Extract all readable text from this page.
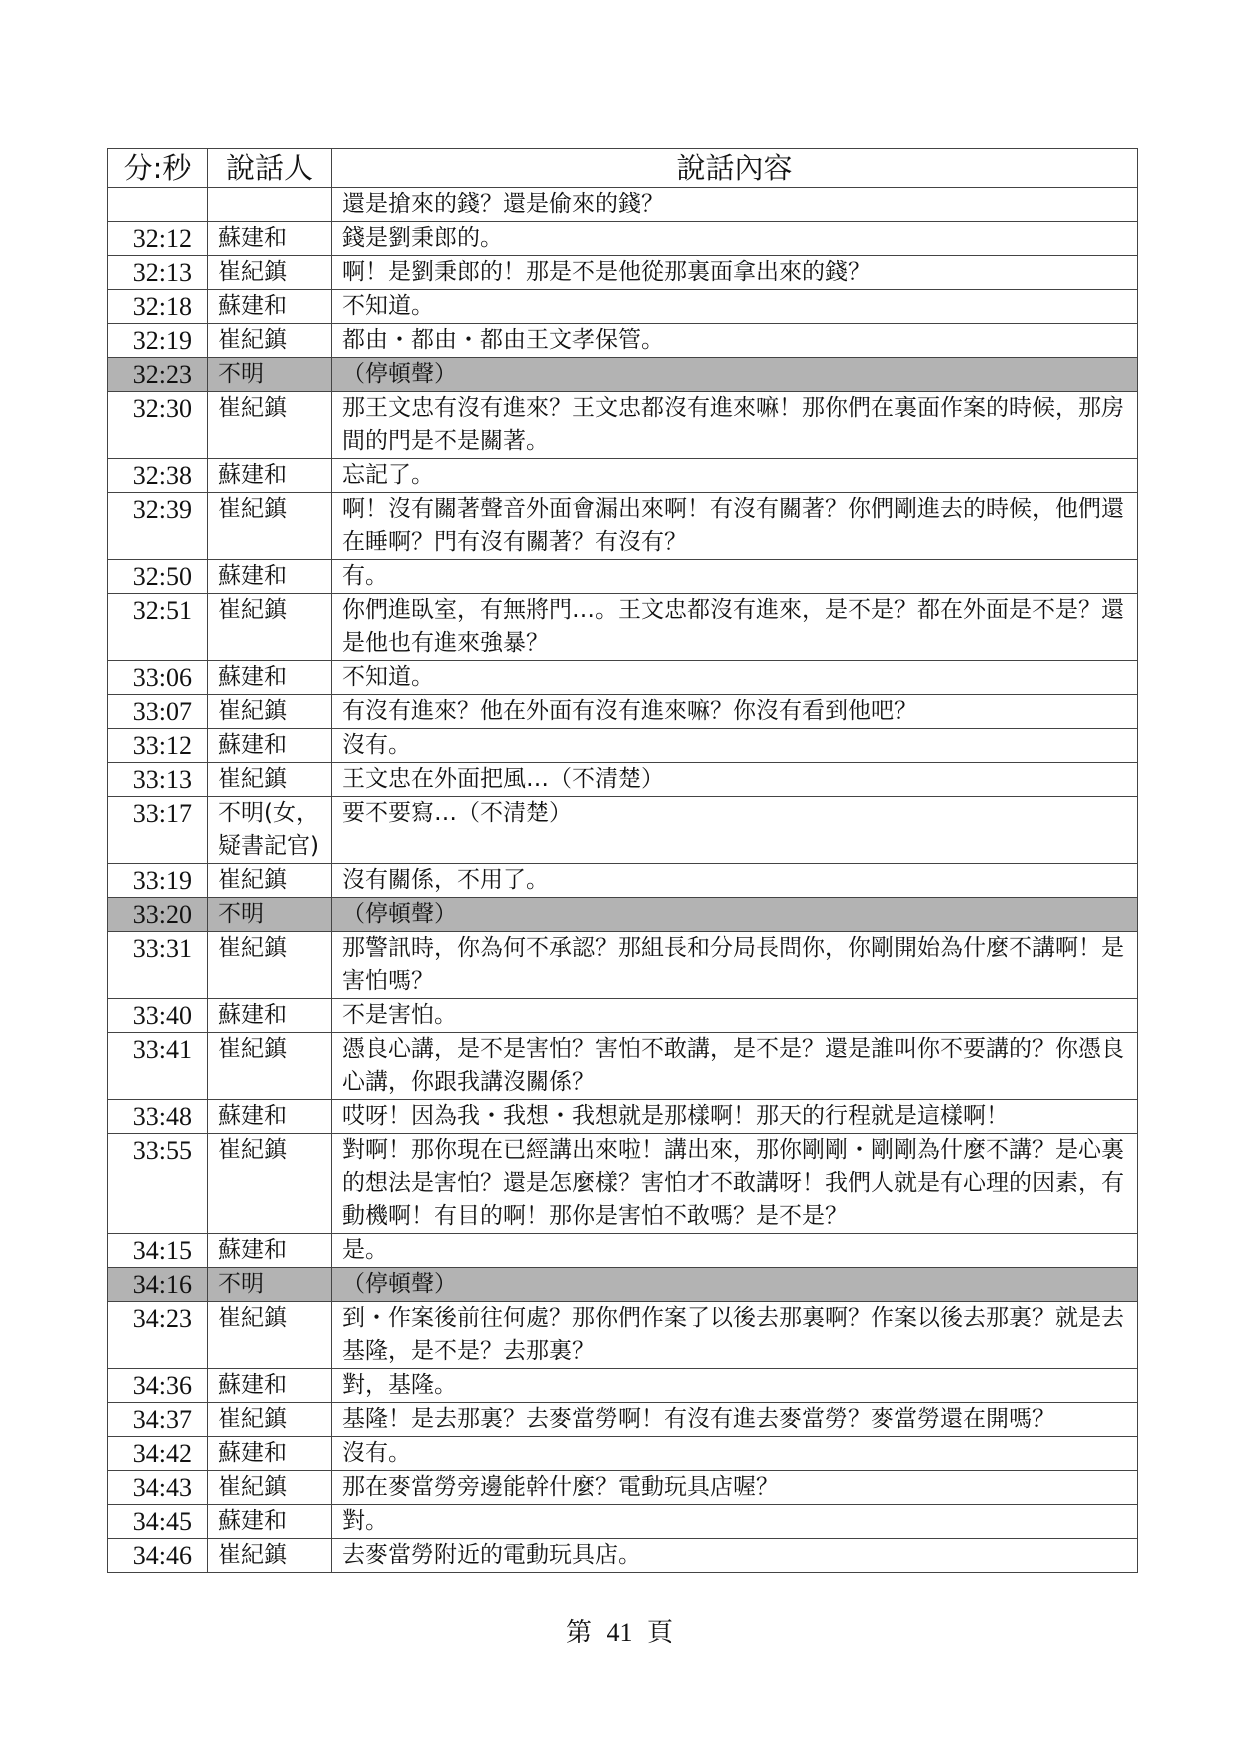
分:秒	說話人	說話內容
		還是搶來的錢？還是偷來的錢？
32:12	蘇建和	錢是劉秉郎的。
32:13	崔紀鎮	啊！是劉秉郎的！那是不是他從那裏面拿出來的錢？
32:18	蘇建和	不知道。
32:19	崔紀鎮	都由・都由・都由王文孝保管。
32:23	不明	（停頓聲）
32:30	崔紀鎮	那王文忠有沒有進來？王文忠都沒有進來嘛！那你們在裏面作案的時候，那房間的門是不是關著。
32:38	蘇建和	忘記了。
32:39	崔紀鎮	啊！沒有關著聲音外面會漏出來啊！有沒有關著？你們剛進去的時候，他們還在睡啊？門有沒有關著？有沒有？
32:50	蘇建和	有。
32:51	崔紀鎮	你們進臥室，有無將門…。王文忠都沒有進來，是不是？都在外面是不是？還是他也有進來強暴？
33:06	蘇建和	不知道。
33:07	崔紀鎮	有沒有進來？他在外面有沒有進來嘛？你沒有看到他吧？
33:12	蘇建和	沒有。
33:13	崔紀鎮	王文忠在外面把風…（不清楚）
33:17	不明(女，疑書記官)	要不要寫…（不清楚）
33:19	崔紀鎮	沒有關係，不用了。
33:20	不明	（停頓聲）
33:31	崔紀鎮	那警訊時，你為何不承認？那組長和分局長問你，你剛開始為什麼不講啊！是害怕嗎？
33:40	蘇建和	不是害怕。
33:41	崔紀鎮	憑良心講，是不是害怕？害怕不敢講，是不是？還是誰叫你不要講的？你憑良心講，你跟我講沒關係？
33:48	蘇建和	哎呀！因為我・我想・我想就是那樣啊！那天的行程就是這樣啊！
33:55	崔紀鎮	對啊！那你現在已經講出來啦！講出來，那你剛剛・剛剛為什麼不講？是心裏的想法是害怕？還是怎麼樣？害怕才不敢講呀！我們人就是有心理的因素，有動機啊！有目的啊！那你是害怕不敢嗎？是不是？
34:15	蘇建和	是。
34:16	不明	（停頓聲）
34:23	崔紀鎮	到・作案後前往何處？那你們作案了以後去那裏啊？作案以後去那裏？就是去基隆，是不是？去那裏？
34:36	蘇建和	對，基隆。
34:37	崔紀鎮	基隆！是去那裏？去麥當勞啊！有沒有進去麥當勞？麥當勞還在開嗎？
34:42	蘇建和	沒有。
34:43	崔紀鎮	那在麥當勞旁邊能幹什麼？電動玩具店喔？
34:45	蘇建和	對。
34:46	崔紀鎮	去麥當勞附近的電動玩具店。
第 41 頁
